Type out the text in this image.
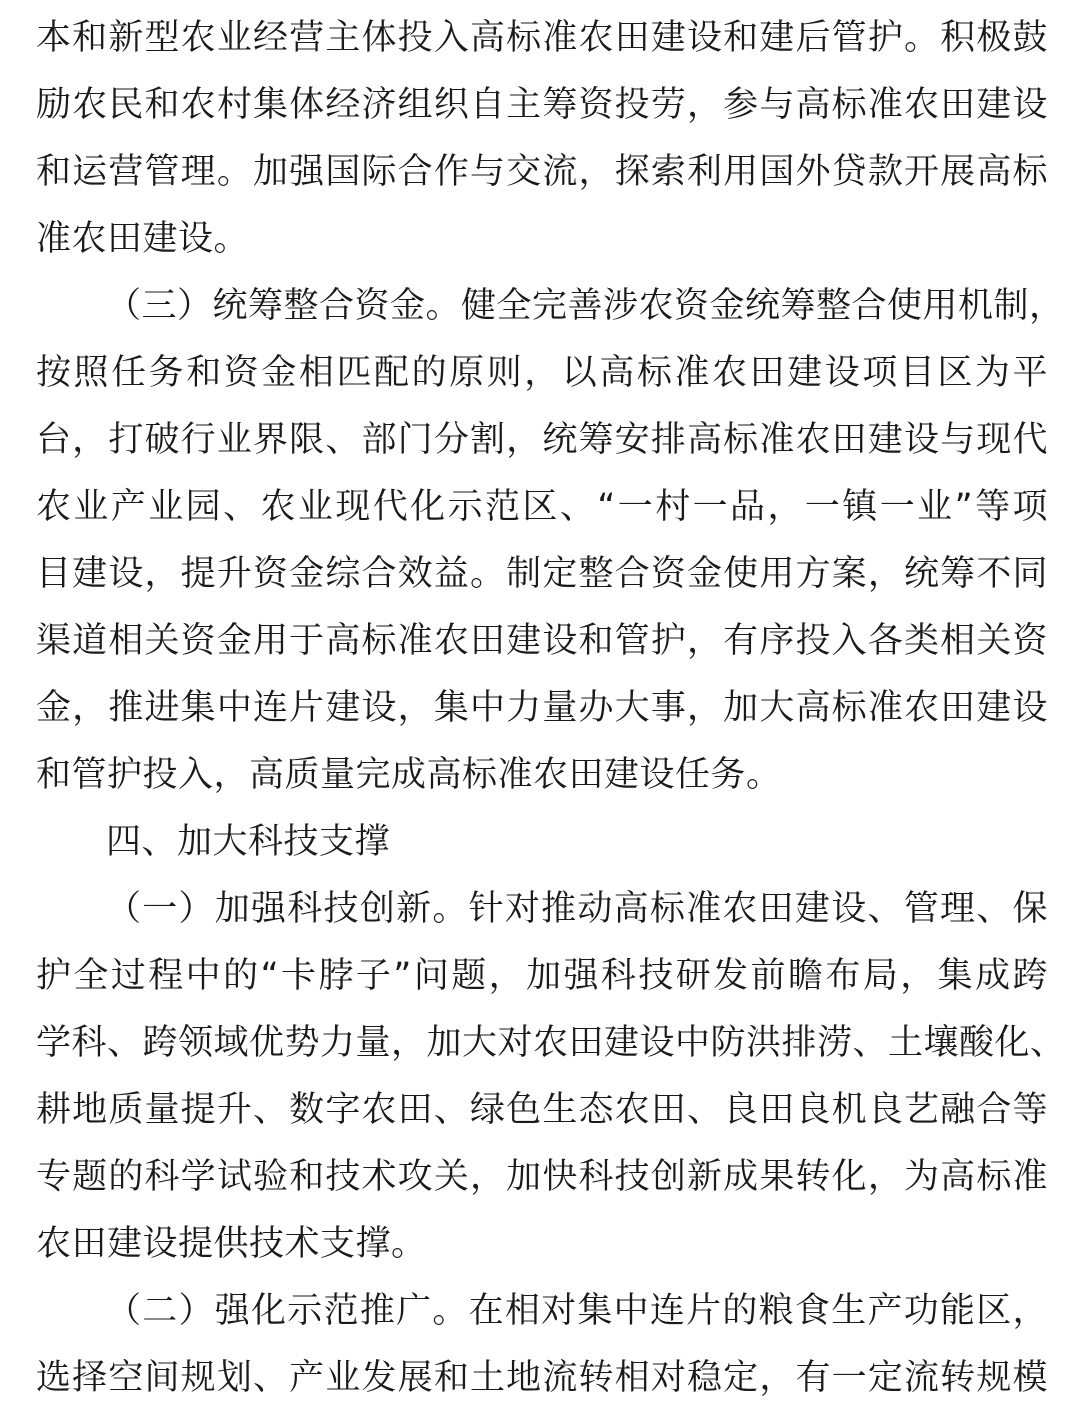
本和新型农业经营主体投入高标准农田建设和建后管护。积极鼓
励农民和农村集体经济组织自主筹资投劳，参与高标准农田建设
和运营管理。加强国际合作与交流，探索利用国外贷款开展高标
准农田建设。
（三）统筹整合资金。健全完善涉农资金统筹整合使用机制，
按照任务和资金相匹配的原则，以高标准农田建设项目区为平
台，打破行业界限、部门分割，统筹安排高标准农田建设与现代
农业产业园、农业现代化示范区、“一村一品，一镇一业”等项
目建设，提升资金综合效益。制定整合资金使用方案，统筹不同
渠道相关资金用于高标准农田建设和管护，有序投入各类相关资
金，推进集中连片建设，集中力量办大事，加大高标准农田建设
和管护投入，高质量完成高标准农田建设任务。
四、加大科技支撑
（一）加强科技创新。针对推动高标准农田建设、管理、保
护全过程中的“卡脖子”问题，加强科技研发前瞻布局，集成跨
学科、跨领域优势力量，加大对农田建设中防洪排涝、土壤酸化、
耕地质量提升、数字农田、绿色生态农田、良田良机良艺融合等
专题的科学试验和技术攻关，加快科技创新成果转化，为高标准
农田建设提供技术支撑。
（二）强化示范推广。在相对集中连片的粮食生产功能区，
选择空间规划、产业发展和土地流转相对稳定，有一定流转规模
